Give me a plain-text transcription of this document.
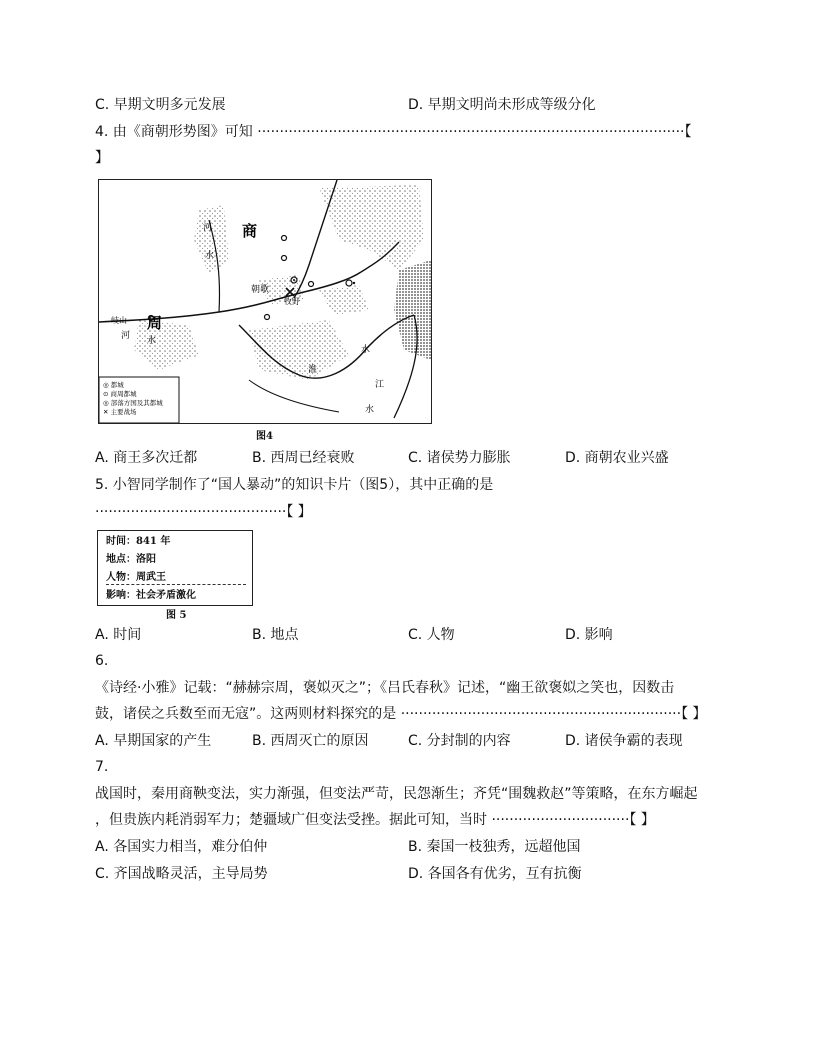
C. 早期文明多元发展	D. 早期文明尚未形成等级分化
4. 由《商朝形势图》可知 ································································································【
】
商
周
朝歌
牧野
岐山
河
水
河 水
淮
水
江
水
◎ 都城
⊙ 商周都城
◎ 部落方国及其都城
✕ 主要战场
图4
A. 商王多次迁都	B. 西周已经衰败	C. 诸侯势力膨胀	D. 商朝农业兴盛
5. 小智同学制作了“国人暴动”的知识卡片（图5），其中正确的是
···········································【 】
时间：841 年
地点：洛阳
人物：周武王
影响：社会矛盾激化
图 5
A. 时间	B. 地点	C. 人物	D. 影响
6.
《诗经·小雅》记载：“赫赫宗周，褒姒灭之”；《吕氏春秋》记述，“幽王欲褒姒之笑也，因数击
鼓，诸侯之兵数至而无寇”。这两则材料探究的是 ·······························································【 】
A. 早期国家的产生	B. 西周灭亡的原因	C. 分封制的内容	D. 诸侯争霸的表现
7.
战国时，秦用商鞅变法，实力渐强，但变法严苛，民怨渐生；齐凭“围魏救赵”等策略，在东方崛起
，但贵族内耗消弱军力；楚疆域广但变法受挫。据此可知，当时 ·······························【 】
A. 各国实力相当，难分伯仲	B. 秦国一枝独秀，远超他国
C. 齐国战略灵活，主导局势	D. 各国各有优劣，互有抗衡
